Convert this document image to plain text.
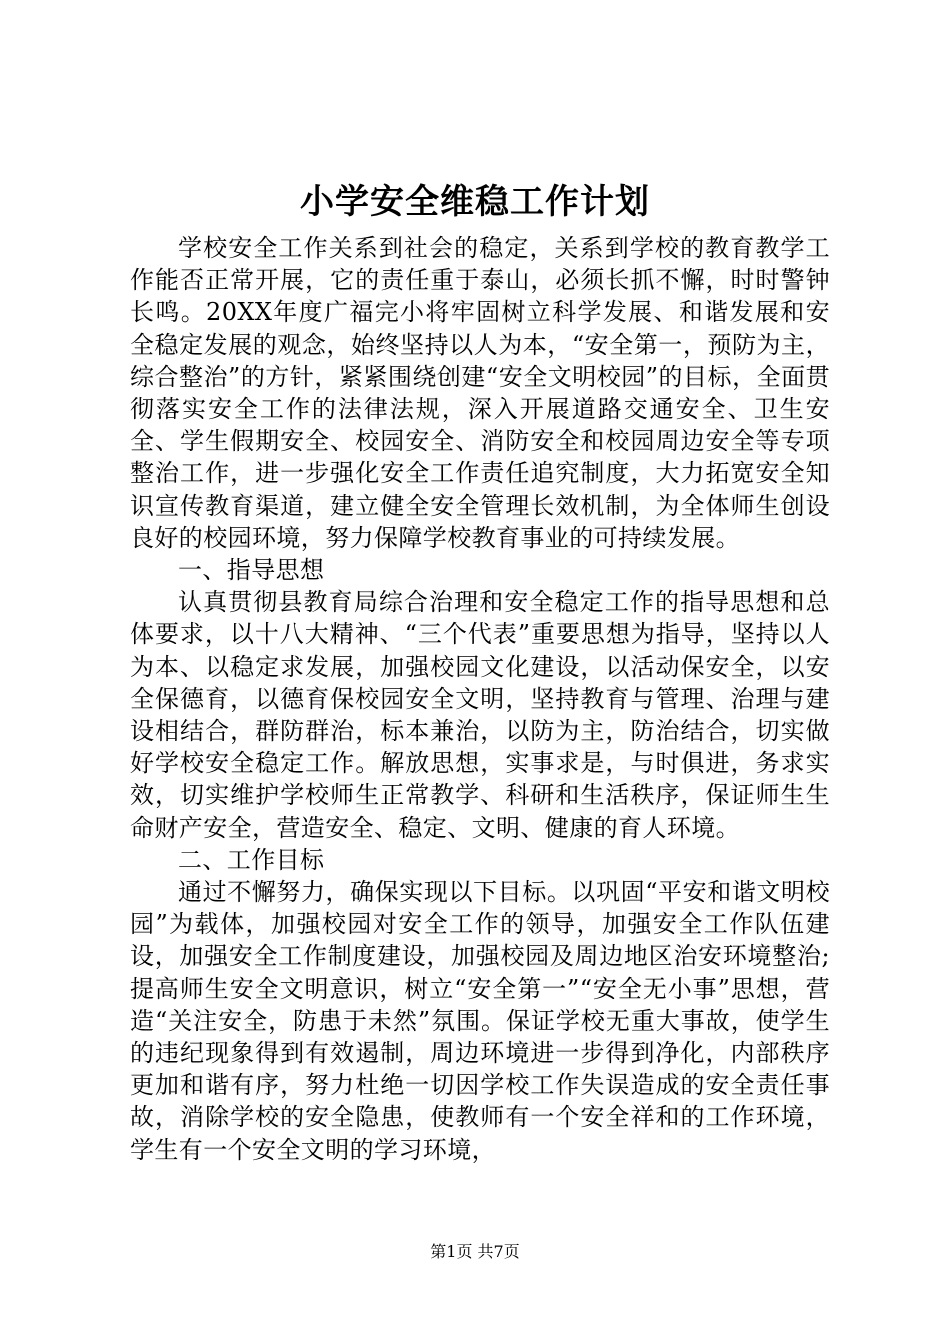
小学安全维稳工作计划

学校安全工作关系到社会的稳定，关系到学校的教育教学工作能否正常开展，它的责任重于泰山，必须长抓不懈，时时警钟长鸣。20XX年度广福完小将牢固树立科学发展、和谐发展和安全稳定发展的观念，始终坚持以人为本，“安全第一，预防为主，综合整治”的方针，紧紧围绕创建“安全文明校园”的目标，全面贯彻落实安全工作的法律法规，深入开展道路交通安全、卫生安全、学生假期安全、校园安全、消防安全和校园周边安全等专项整治工作，进一步强化安全工作责任追究制度，大力拓宽安全知识宣传教育渠道，建立健全安全管理长效机制，为全体师生创设良好的校园环境，努力保障学校教育事业的可持续发展。

一、指导思想

认真贯彻县教育局综合治理和安全稳定工作的指导思想和总体要求，以十八大精神、“三个代表”重要思想为指导，坚持以人为本、以稳定求发展，加强校园文化建设，以活动保安全，以安全保德育，以德育保校园安全文明，坚持教育与管理、治理与建设相结合，群防群治，标本兼治，以防为主，防治结合，切实做好学校安全稳定工作。解放思想，实事求是，与时俱进，务求实效，切实维护学校师生正常教学、科研和生活秩序，保证师生生命财产安全，营造安全、稳定、文明、健康的育人环境。

二、工作目标

通过不懈努力，确保实现以下目标。以巩固“平安和谐文明校园”为载体，加强校园对安全工作的领导，加强安全工作队伍建设，加强安全工作制度建设，加强校园及周边地区治安环境整治;提高师生安全文明意识，树立“安全第一”“安全无小事”思想，营造“关注安全，防患于未然”氛围。保证学校无重大事故，使学生的违纪现象得到有效遏制，周边环境进一步得到净化，内部秩序更加和谐有序，努力杜绝一切因学校工作失误造成的安全责任事故，消除学校的安全隐患，使教师有一个安全祥和的工作环境，学生有一个安全文明的学习环境，

第1页 共7页
